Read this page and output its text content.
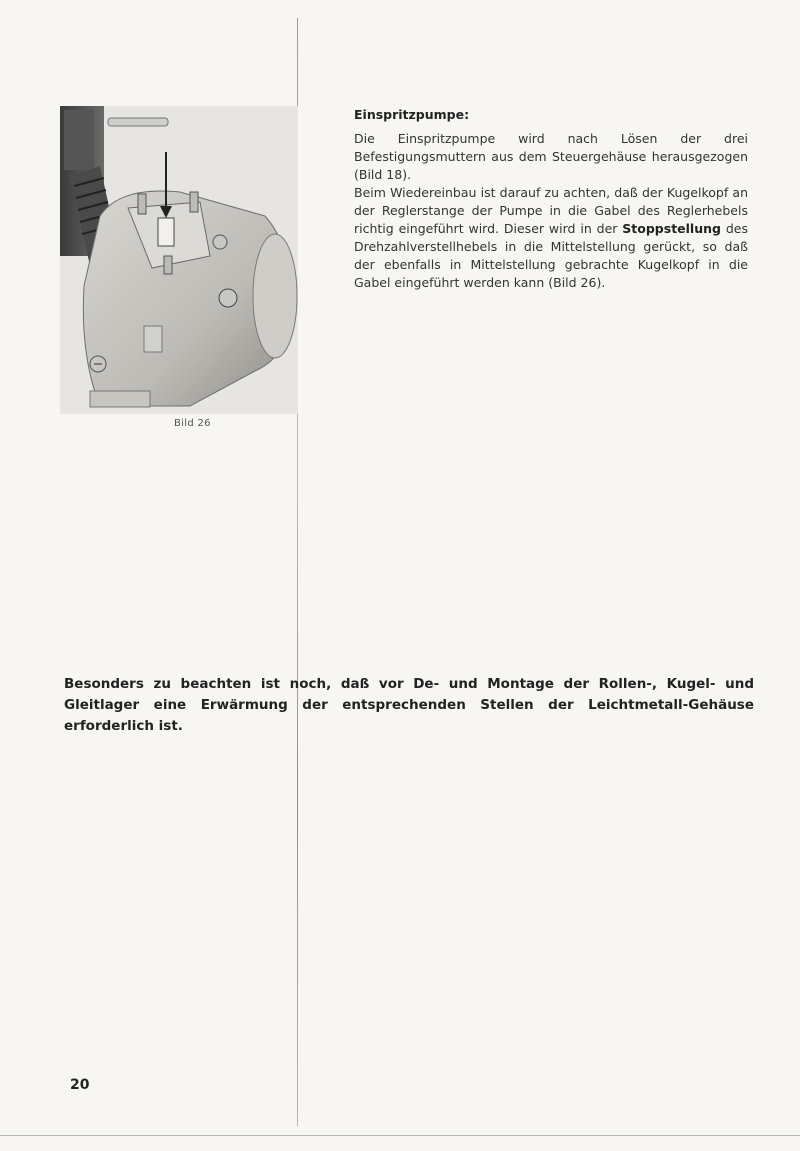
Bild 26

Einspritzpumpe:

Die Einspritzpumpe wird nach Lösen der drei Befestigungsmuttern aus dem Steuergehäuse herausgezogen (Bild 18).

Beim Wiedereinbau ist darauf zu achten, daß der Kugelkopf an der Reglerstange der Pumpe in die Gabel des Reglerhebels richtig eingeführt wird. Dieser wird in der Stoppstellung des Drehzahlverstellhebels in die Mittelstellung gerückt, so daß der ebenfalls in Mittelstellung gebrachte Kugelkopf in die Gabel eingeführt werden kann (Bild 26).

Besonders zu beachten ist noch, daß vor De- und Montage der Rollen-, Kugel- und Gleitlager eine Erwärmung der entsprechenden Stellen der Leichtmetall-Gehäuse erforderlich ist.
20
